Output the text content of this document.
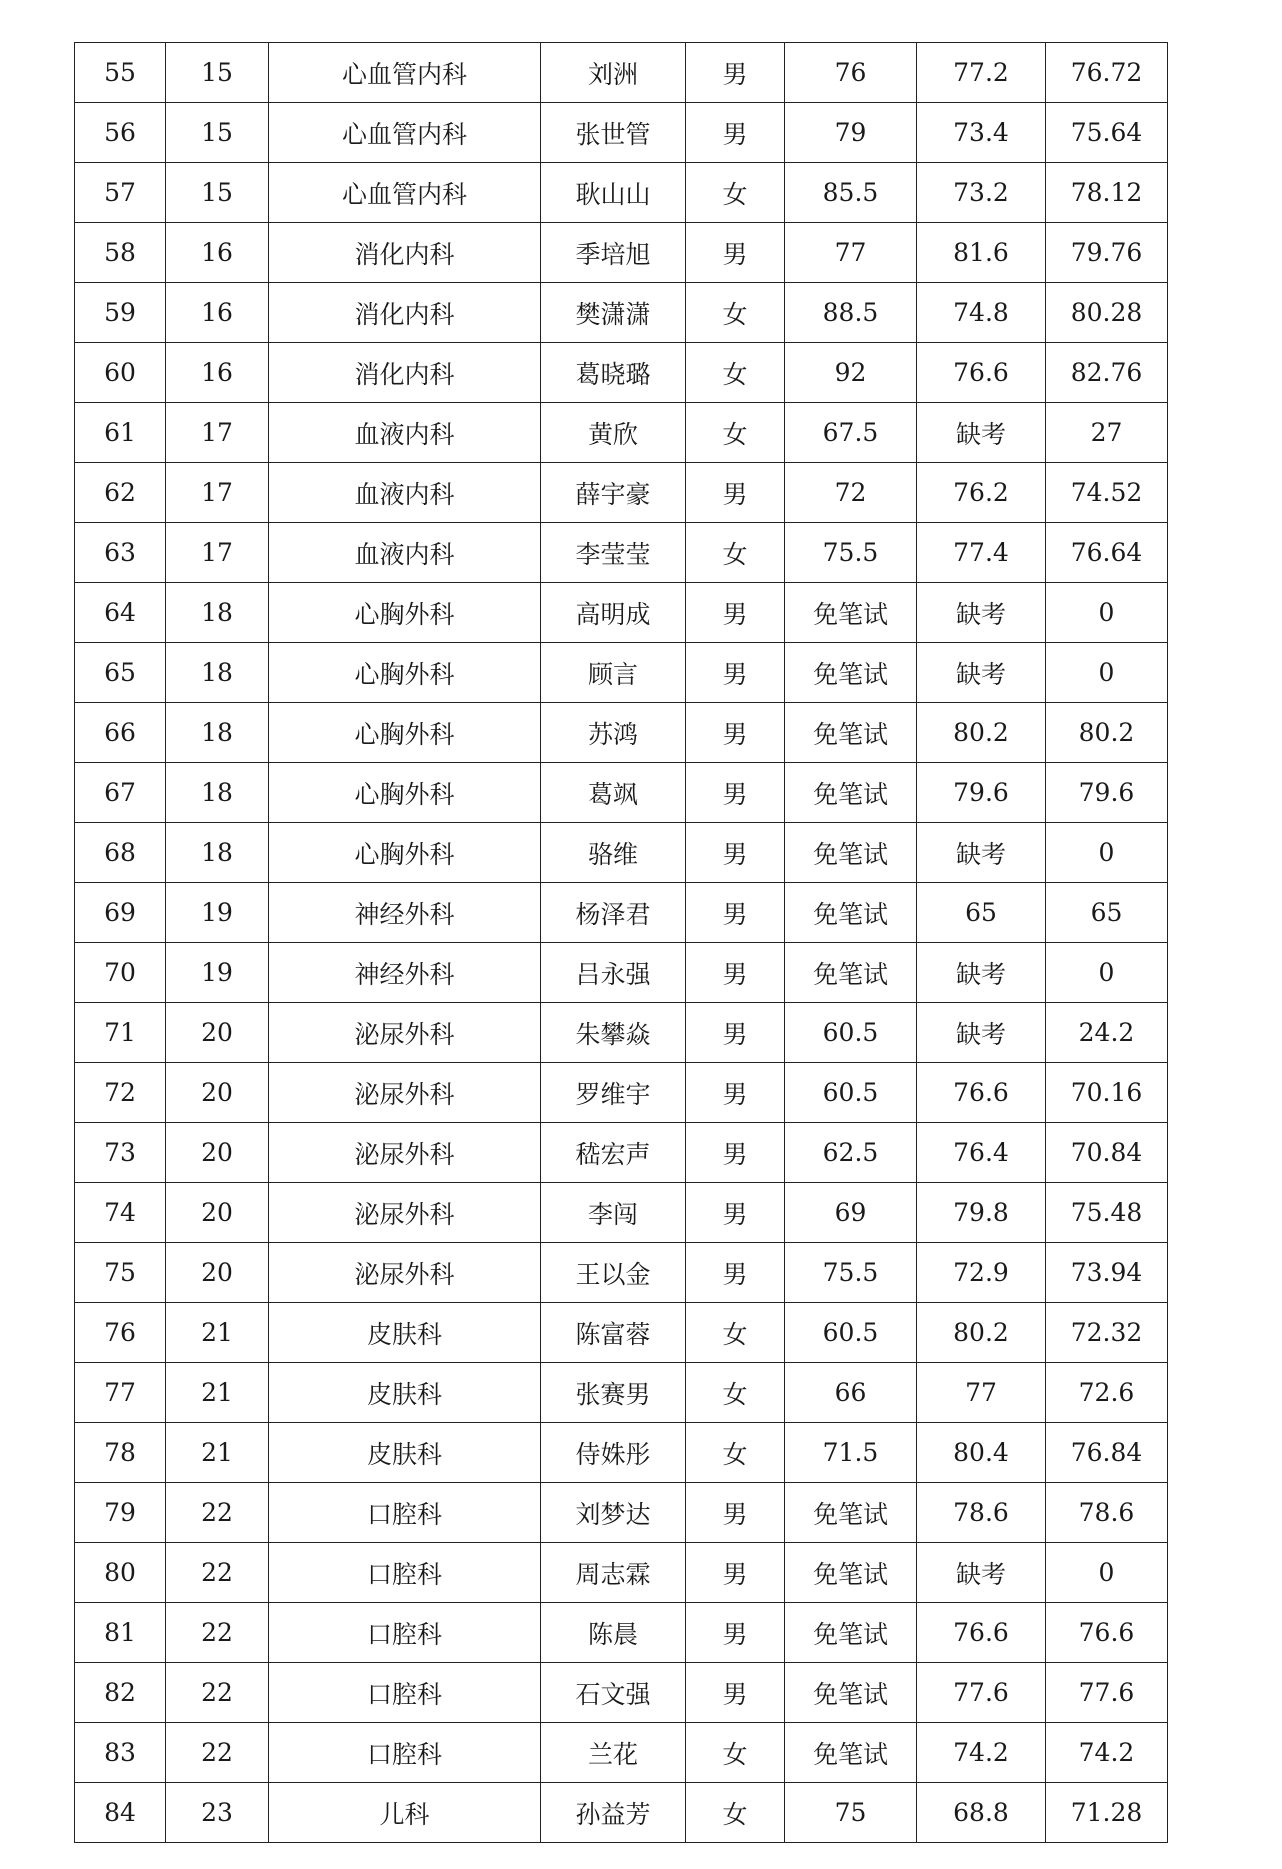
55	15	心血管内科	刘洲	男	76	77.2	76.72
56	15	心血管内科	张世管	男	79	73.4	75.64
57	15	心血管内科	耿山山	女	85.5	73.2	78.12
58	16	消化内科	季培旭	男	77	81.6	79.76
59	16	消化内科	樊潇潇	女	88.5	74.8	80.28
60	16	消化内科	葛晓璐	女	92	76.6	82.76
61	17	血液内科	黄欣	女	67.5	缺考	27
62	17	血液内科	薛宇豪	男	72	76.2	74.52
63	17	血液内科	李莹莹	女	75.5	77.4	76.64
64	18	心胸外科	高明成	男	免笔试	缺考	0
65	18	心胸外科	顾言	男	免笔试	缺考	0
66	18	心胸外科	苏鸿	男	免笔试	80.2	80.2
67	18	心胸外科	葛飒	男	免笔试	79.6	79.6
68	18	心胸外科	骆维	男	免笔试	缺考	0
69	19	神经外科	杨泽君	男	免笔试	65	65
70	19	神经外科	吕永强	男	免笔试	缺考	0
71	20	泌尿外科	朱攀焱	男	60.5	缺考	24.2
72	20	泌尿外科	罗维宇	男	60.5	76.6	70.16
73	20	泌尿外科	嵇宏声	男	62.5	76.4	70.84
74	20	泌尿外科	李闯	男	69	79.8	75.48
75	20	泌尿外科	王以金	男	75.5	72.9	73.94
76	21	皮肤科	陈富蓉	女	60.5	80.2	72.32
77	21	皮肤科	张赛男	女	66	77	72.6
78	21	皮肤科	侍姝彤	女	71.5	80.4	76.84
79	22	口腔科	刘梦达	男	免笔试	78.6	78.6
80	22	口腔科	周志霖	男	免笔试	缺考	0
81	22	口腔科	陈晨	男	免笔试	76.6	76.6
82	22	口腔科	石文强	男	免笔试	77.6	77.6
83	22	口腔科	兰花	女	免笔试	74.2	74.2
84	23	儿科	孙益芳	女	75	68.8	71.28
